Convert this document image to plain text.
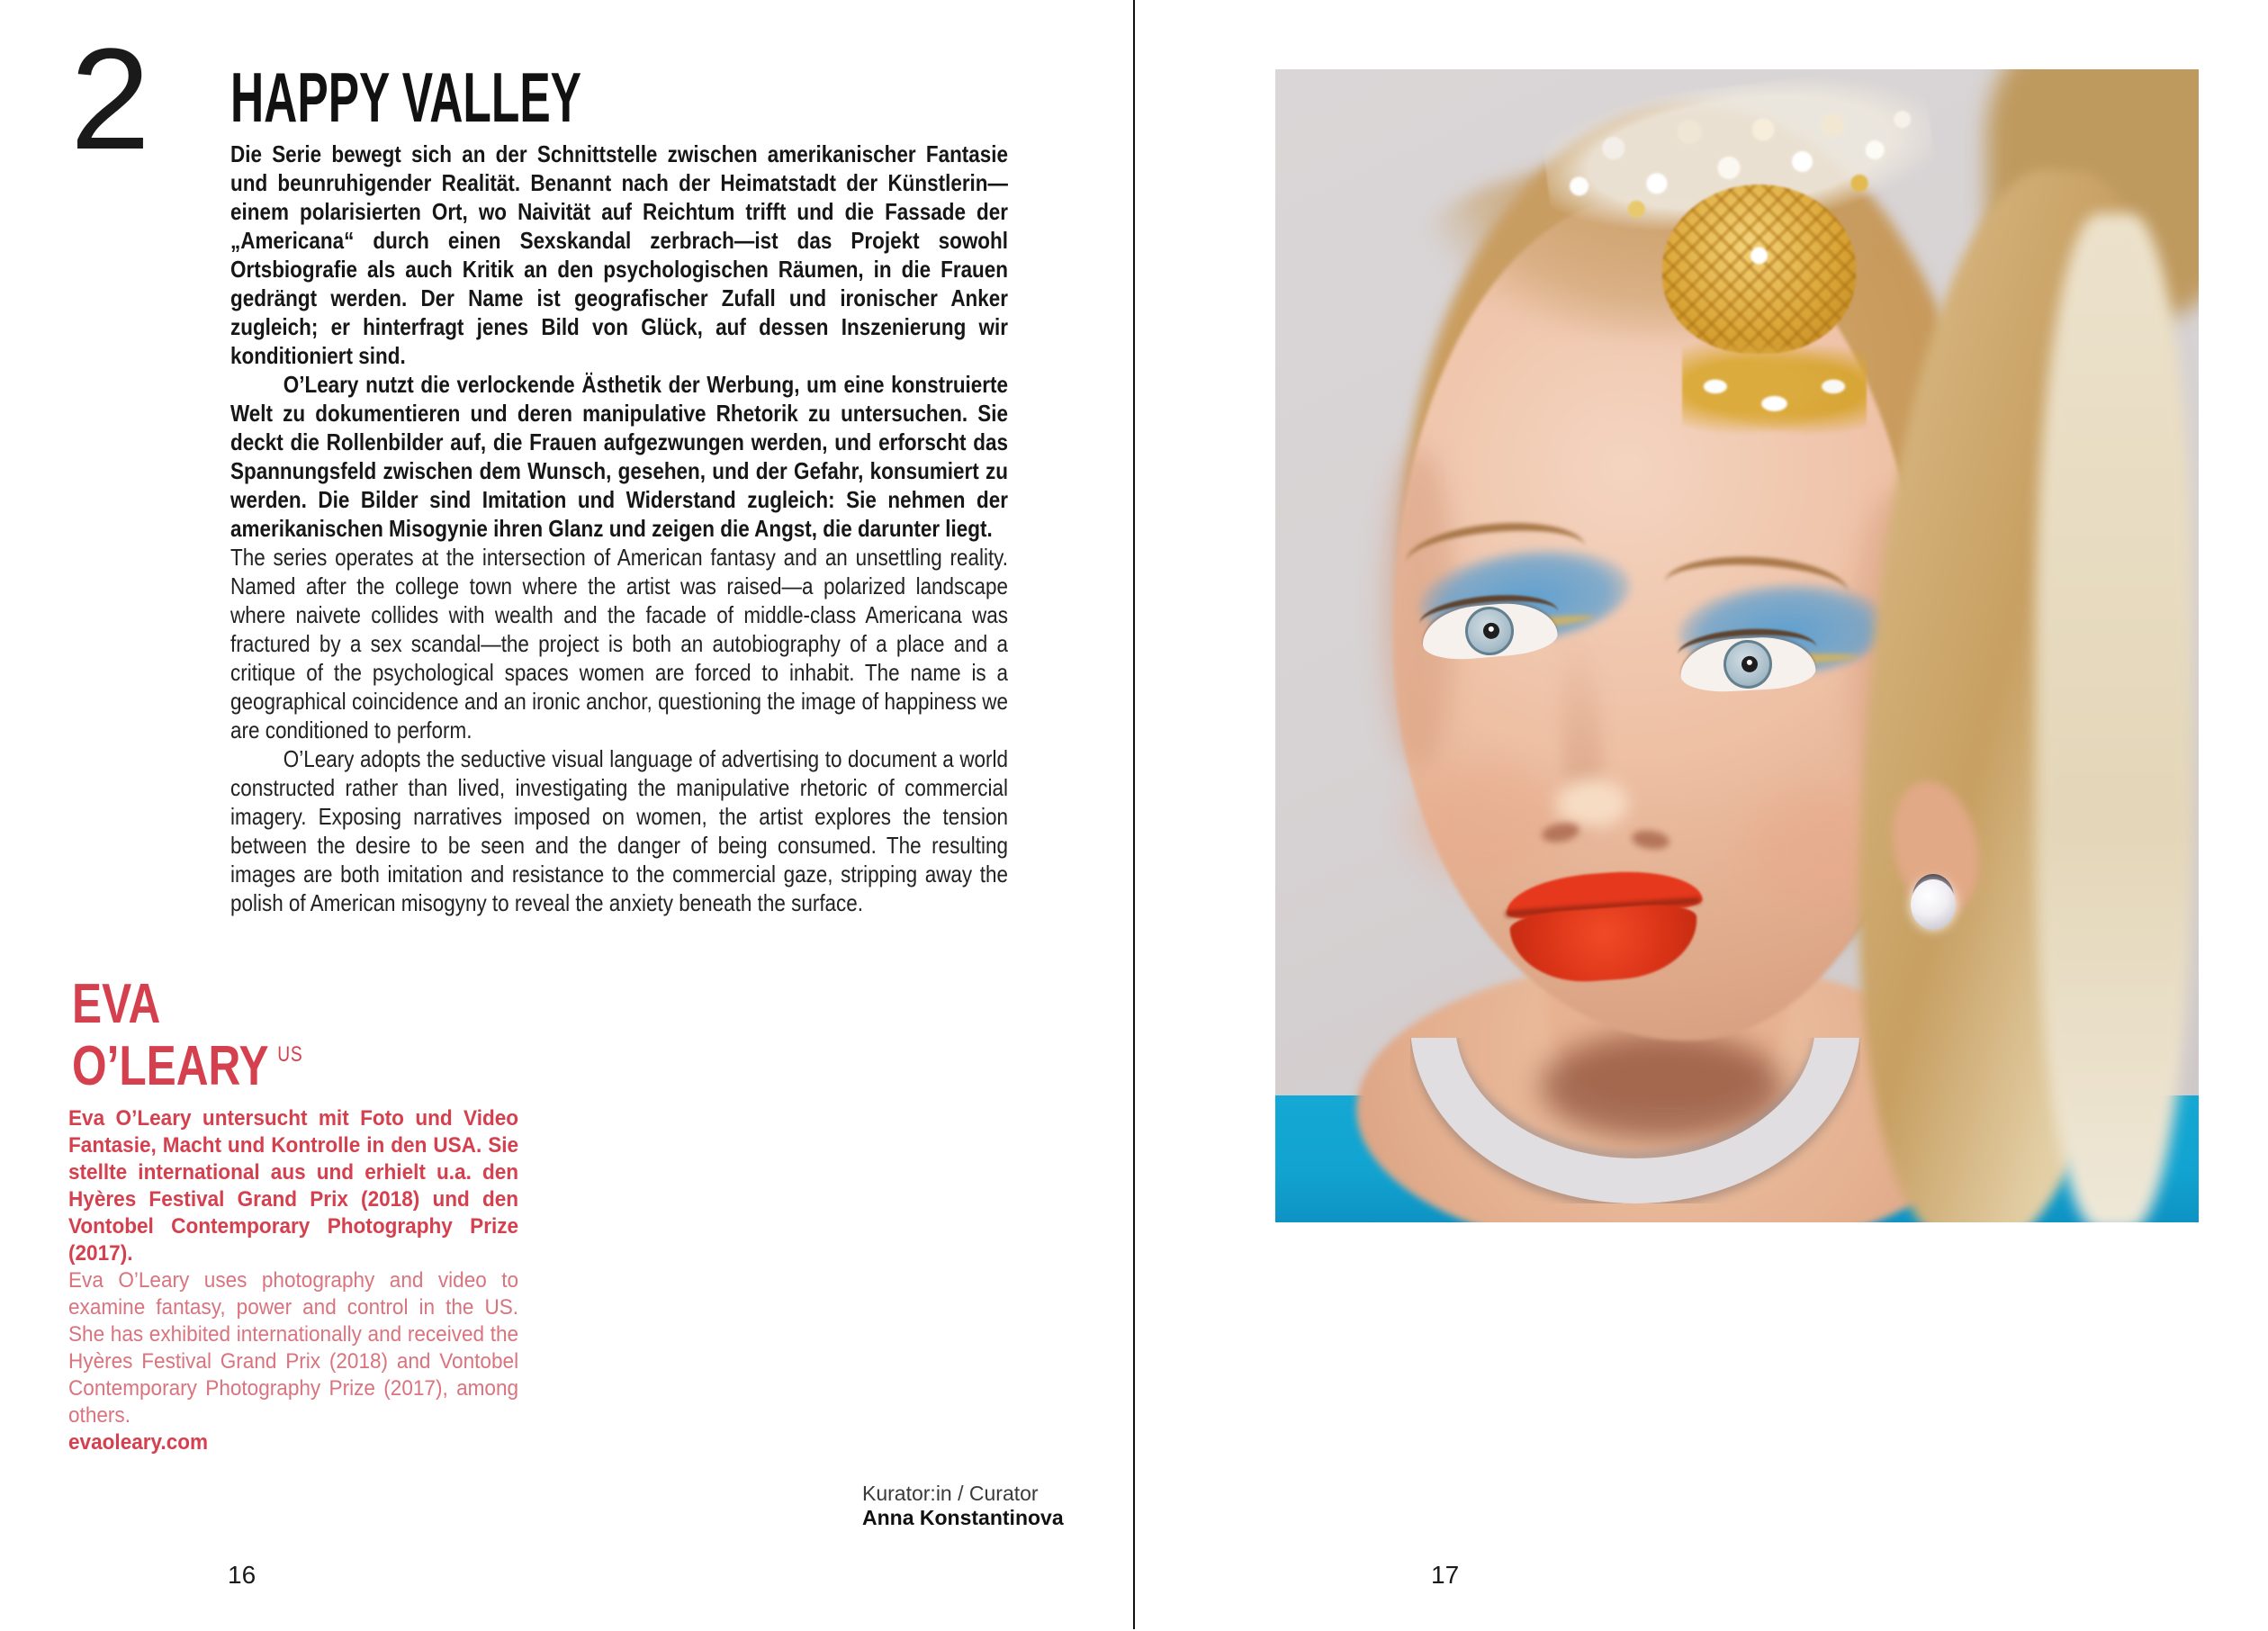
2 HAPPY VALLEY

Die Serie bewegt sich an der Schnittstelle zwischen amerikanischer Fantasie und beunruhigender Realität. Benannt nach der Heimatstadt der Künstlerin—einem polarisierten Ort, wo Naivität auf Reichtum trifft und die Fassade der „Americana“ durch einen Sexskandal zerbrach—ist das Projekt sowohl Ortsbiografie als auch Kritik an den psychologischen Räumen, in die Frauen gedrängt werden. Der Name ist geografischer Zufall und ironischer Anker zugleich; er hinterfragt jenes Bild von Glück, auf dessen Inszenierung wir konditioniert sind.

O’Leary nutzt die verlockende Ästhetik der Werbung, um eine konstruierte Welt zu dokumentieren und deren manipulative Rhetorik zu untersuchen. Sie deckt die Rollenbilder auf, die Frauen aufgezwungen werden, und erforscht das Spannungsfeld zwischen dem Wunsch, gesehen, und der Gefahr, konsumiert zu werden. Die Bilder sind Imitation und Widerstand zugleich: Sie nehmen der amerikanischen Misogynie ihren Glanz und zeigen die Angst, die darunter liegt.

The series operates at the intersection of American fantasy and an unsettling reality. Named after the college town where the artist was raised—a polarized landscape where naivete collides with wealth and the facade of middle-class Americana was fractured by a sex scandal—the project is both an autobiography of a place and a critique of the psychological spaces women are forced to inhabit. The name is a geographical coincidence and an ironic anchor, questioning the image of happiness we are conditioned to perform.

O’Leary adopts the seductive visual language of advertising to document a world constructed rather than lived, investigating the manipulative rhetoric of commercial imagery. Exposing narratives imposed on women, the artist explores the tension between the desire to be seen and the danger of being consumed. The resulting images are both imitation and resistance to the commercial gaze, stripping away the polish of American misogyny to reveal the anxiety beneath the surface.

EVA
O’LEARY $^{US}$

Eva O’Leary untersucht mit Foto und Video Fantasie, Macht und Kontrolle in den USA. Sie stellte international aus und erhielt u.a. den Hyères Festival Grand Prix (2018) und den Vontobel Contemporary Photography Prize (2017).

Eva O’Leary uses photography and video to examine fantasy, power and control in the US. She has exhibited internationally and received the Hyères Festival Grand Prix (2018) and Vontobel Contemporary Photography Prize (2017), among others.

evaoleary.com

Kurator:in / Curator
Anna Konstantinova
16	17
